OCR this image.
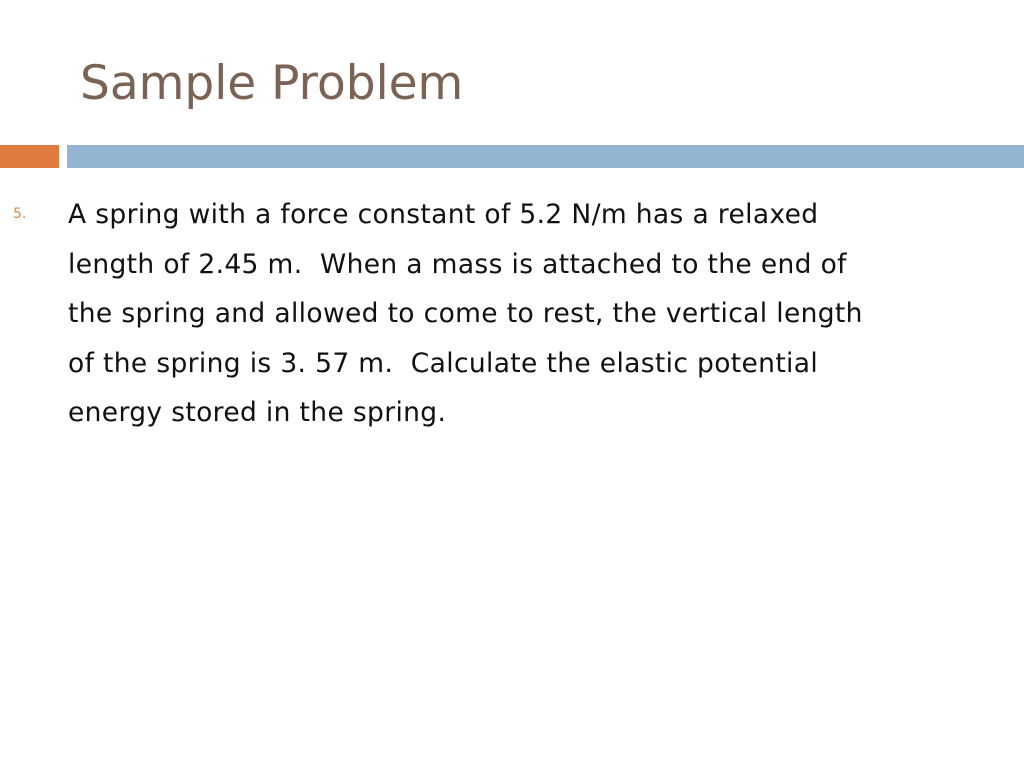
Sample Problem
5. A spring with a force constant of 5.2 N/m has a relaxed
length of 2.45 m.  When a mass is attached to the end of
the spring and allowed to come to rest, the vertical length
of the spring is 3. 57 m.  Calculate the elastic potential
energy stored in the spring.
